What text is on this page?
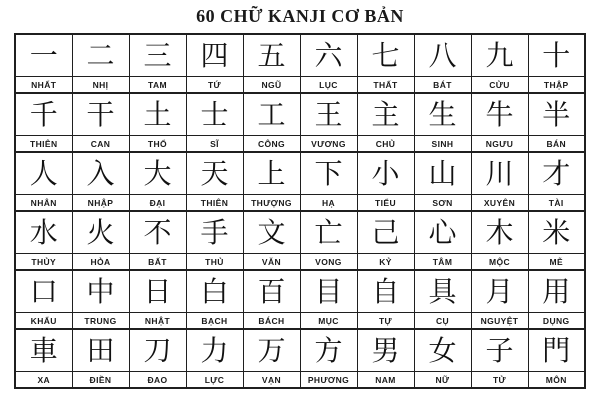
60 CHỮ KANJI CƠ BẢN
一	二	三	四	五	六	七	八	九	十
NHẤT	NHỊ	TAM	TỨ	NGŨ	LỤC	THẤT	BÁT	CỬU	THẬP
千	干	土	士	工	王	主	生	牛	半
THIÊN	CAN	THỔ	SĨ	CÔNG	VƯƠNG	CHỦ	SINH	NGƯU	BÁN
人	入	大	天	上	下	小	山	川	才
NHÂN	NHẬP	ĐẠI	THIÊN	THƯỢNG	HẠ	TIỂU	SƠN	XUYÊN	TÀI
水	火	不	手	文	亡	己	心	木	米
THỦY	HỎA	BẤT	THỦ	VĂN	VONG	KỶ	TÂM	MỘC	MỄ
口	中	日	白	百	目	自	具	月	用
KHẨU	TRUNG	NHẬT	BẠCH	BÁCH	MỤC	TỰ	CỤ	NGUYỆT	DỤNG
車	田	刀	力	万	方	男	女	子	門
XA	ĐIỀN	ĐAO	LỰC	VẠN	PHƯƠNG	NAM	NỮ	TỬ	MÔN
